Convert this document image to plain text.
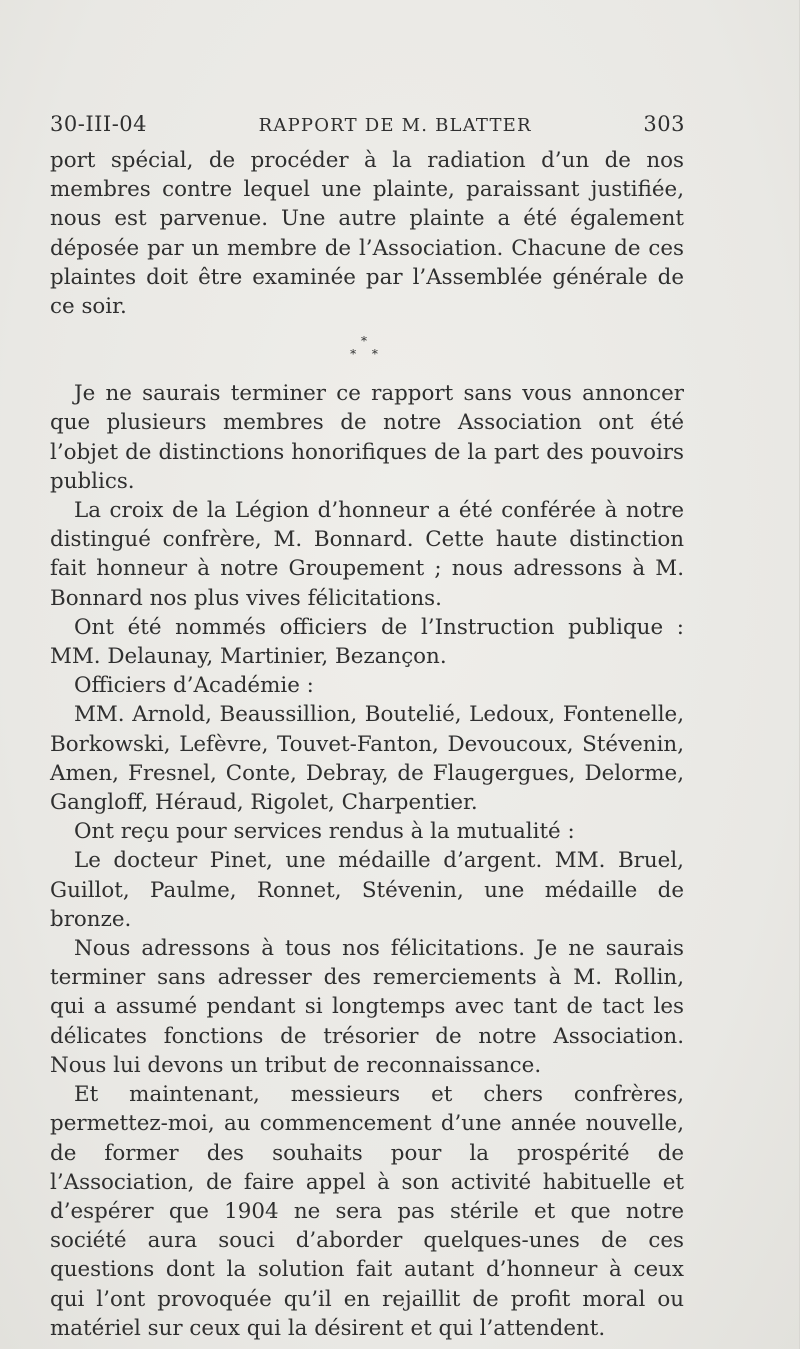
30-III-04	RAPPORT DE M. BLATTER	303

port spécial, de procéder à la radiation d’un de nos membres contre lequel une plainte, paraissant justifiée, nous est parvenue. Une autre plainte a été également déposée par un membre de l’Association. Chacune de ces plaintes doit être examinée par l’Assemblée générale de ce soir.

*
* *

Je ne saurais terminer ce rapport sans vous annoncer que plusieurs membres de notre Association ont été l’objet de distinctions honorifiques de la part des pouvoirs publics.

La croix de la Légion d’honneur a été conférée à notre distingué confrère, M. Bonnard. Cette haute distinction fait honneur à notre Groupement ; nous adressons à M. Bonnard nos plus vives félicitations.

Ont été nommés officiers de l’Instruction publique : MM. Delaunay, Martinier, Bezançon.

Officiers d’Académie :

MM. Arnold, Beaussillion, Boutelié, Ledoux, Fontenelle, Borkowski, Lefèvre, Touvet-Fanton, Devoucoux, Stévenin, Amen, Fresnel, Conte, Debray, de Flaugergues, Delorme, Gangloff, Héraud, Rigolet, Charpentier.

Ont reçu pour services rendus à la mutualité :

Le docteur Pinet, une médaille d’argent. MM. Bruel, Guillot, Paulme, Ronnet, Stévenin, une médaille de bronze.

Nous adressons à tous nos félicitations. Je ne saurais terminer sans adresser des remerciements à M. Rollin, qui a assumé pendant si longtemps avec tant de tact les délicates fonctions de trésorier de notre Association. Nous lui devons un tribut de reconnaissance.

Et maintenant, messieurs et chers confrères, permettez-moi, au commencement d’une année nouvelle, de former des souhaits pour la prospérité de l’Association, de faire appel à son activité habituelle et d’espérer que 1904 ne sera pas stérile et que notre société aura souci d’aborder quelques-unes de ces questions dont la solution fait autant d’honneur à ceux qui l’ont provoquée qu’il en rejaillit de profit moral ou matériel sur ceux qui la désirent et qui l’attendent.
